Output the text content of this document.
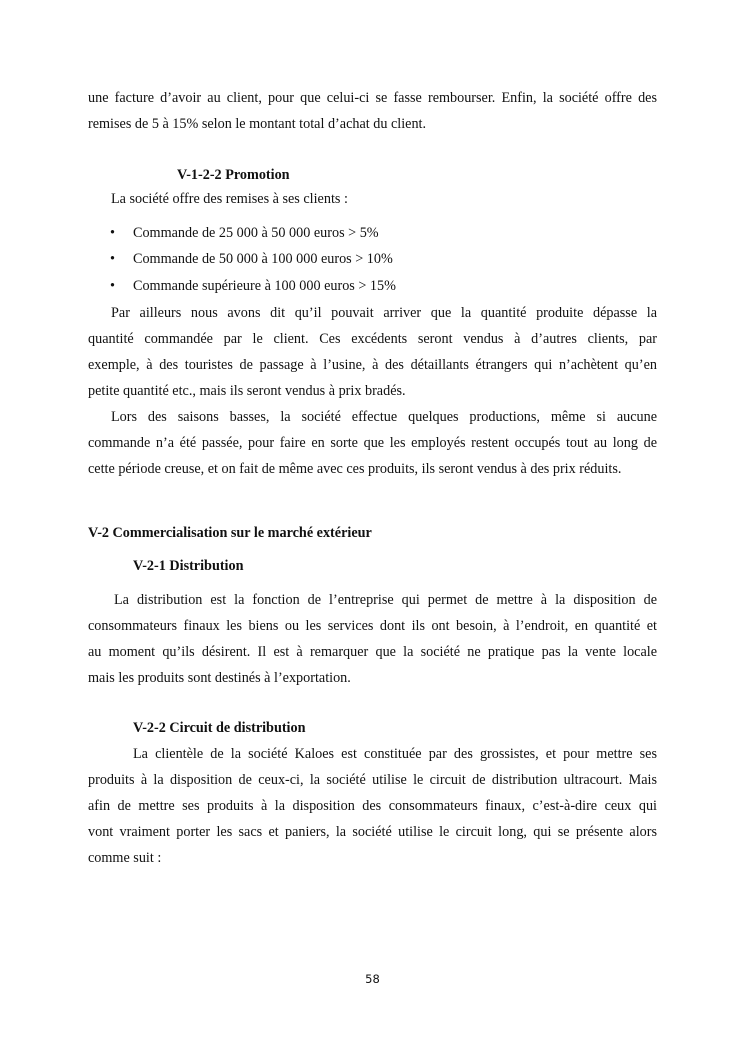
une facture d’avoir au client, pour que celui-ci se fasse rembourser. Enfin, la société offre des
remises de 5 à 15% selon le montant total d’achat du client.
V-1-2-2 Promotion
La société offre des remises à ses clients :
• Commande de 25 000 à 50 000 euros > 5%
• Commande de 50 000 à 100 000 euros > 10%
• Commande supérieure à 100 000 euros > 15%
Par ailleurs nous avons dit qu’il pouvait arriver que la quantité produite dépasse la
quantité commandée par le client. Ces excédents seront vendus à d’autres clients, par
exemple, à des touristes de passage à l’usine, à des détaillants étrangers qui n’achètent qu’en
petite quantité etc., mais ils seront vendus à prix bradés.
Lors des saisons basses, la société effectue quelques productions, même si aucune
commande n’a été passée, pour faire en sorte que les employés restent occupés tout au long de
cette période creuse, et on fait de même avec ces produits, ils seront vendus à des prix réduits.
V-2 Commercialisation sur le marché extérieur
V-2-1 Distribution
La distribution est la fonction de l’entreprise qui permet de mettre à la disposition de
consommateurs finaux les biens ou les services dont ils ont besoin, à l’endroit, en quantité et
au moment qu’ils désirent. Il est à remarquer que la société ne pratique pas la vente locale
mais les produits sont destinés à l’exportation.
V-2-2 Circuit de distribution
La clientèle de la société Kaloes est constituée par des grossistes, et pour mettre ses
produits à la disposition de ceux-ci, la société utilise le circuit de distribution ultracourt. Mais
afin de mettre ses produits à la disposition des consommateurs finaux, c’est-à-dire ceux qui
vont vraiment porter les sacs et paniers, la société utilise le circuit long, qui se présente alors
comme suit :
58
